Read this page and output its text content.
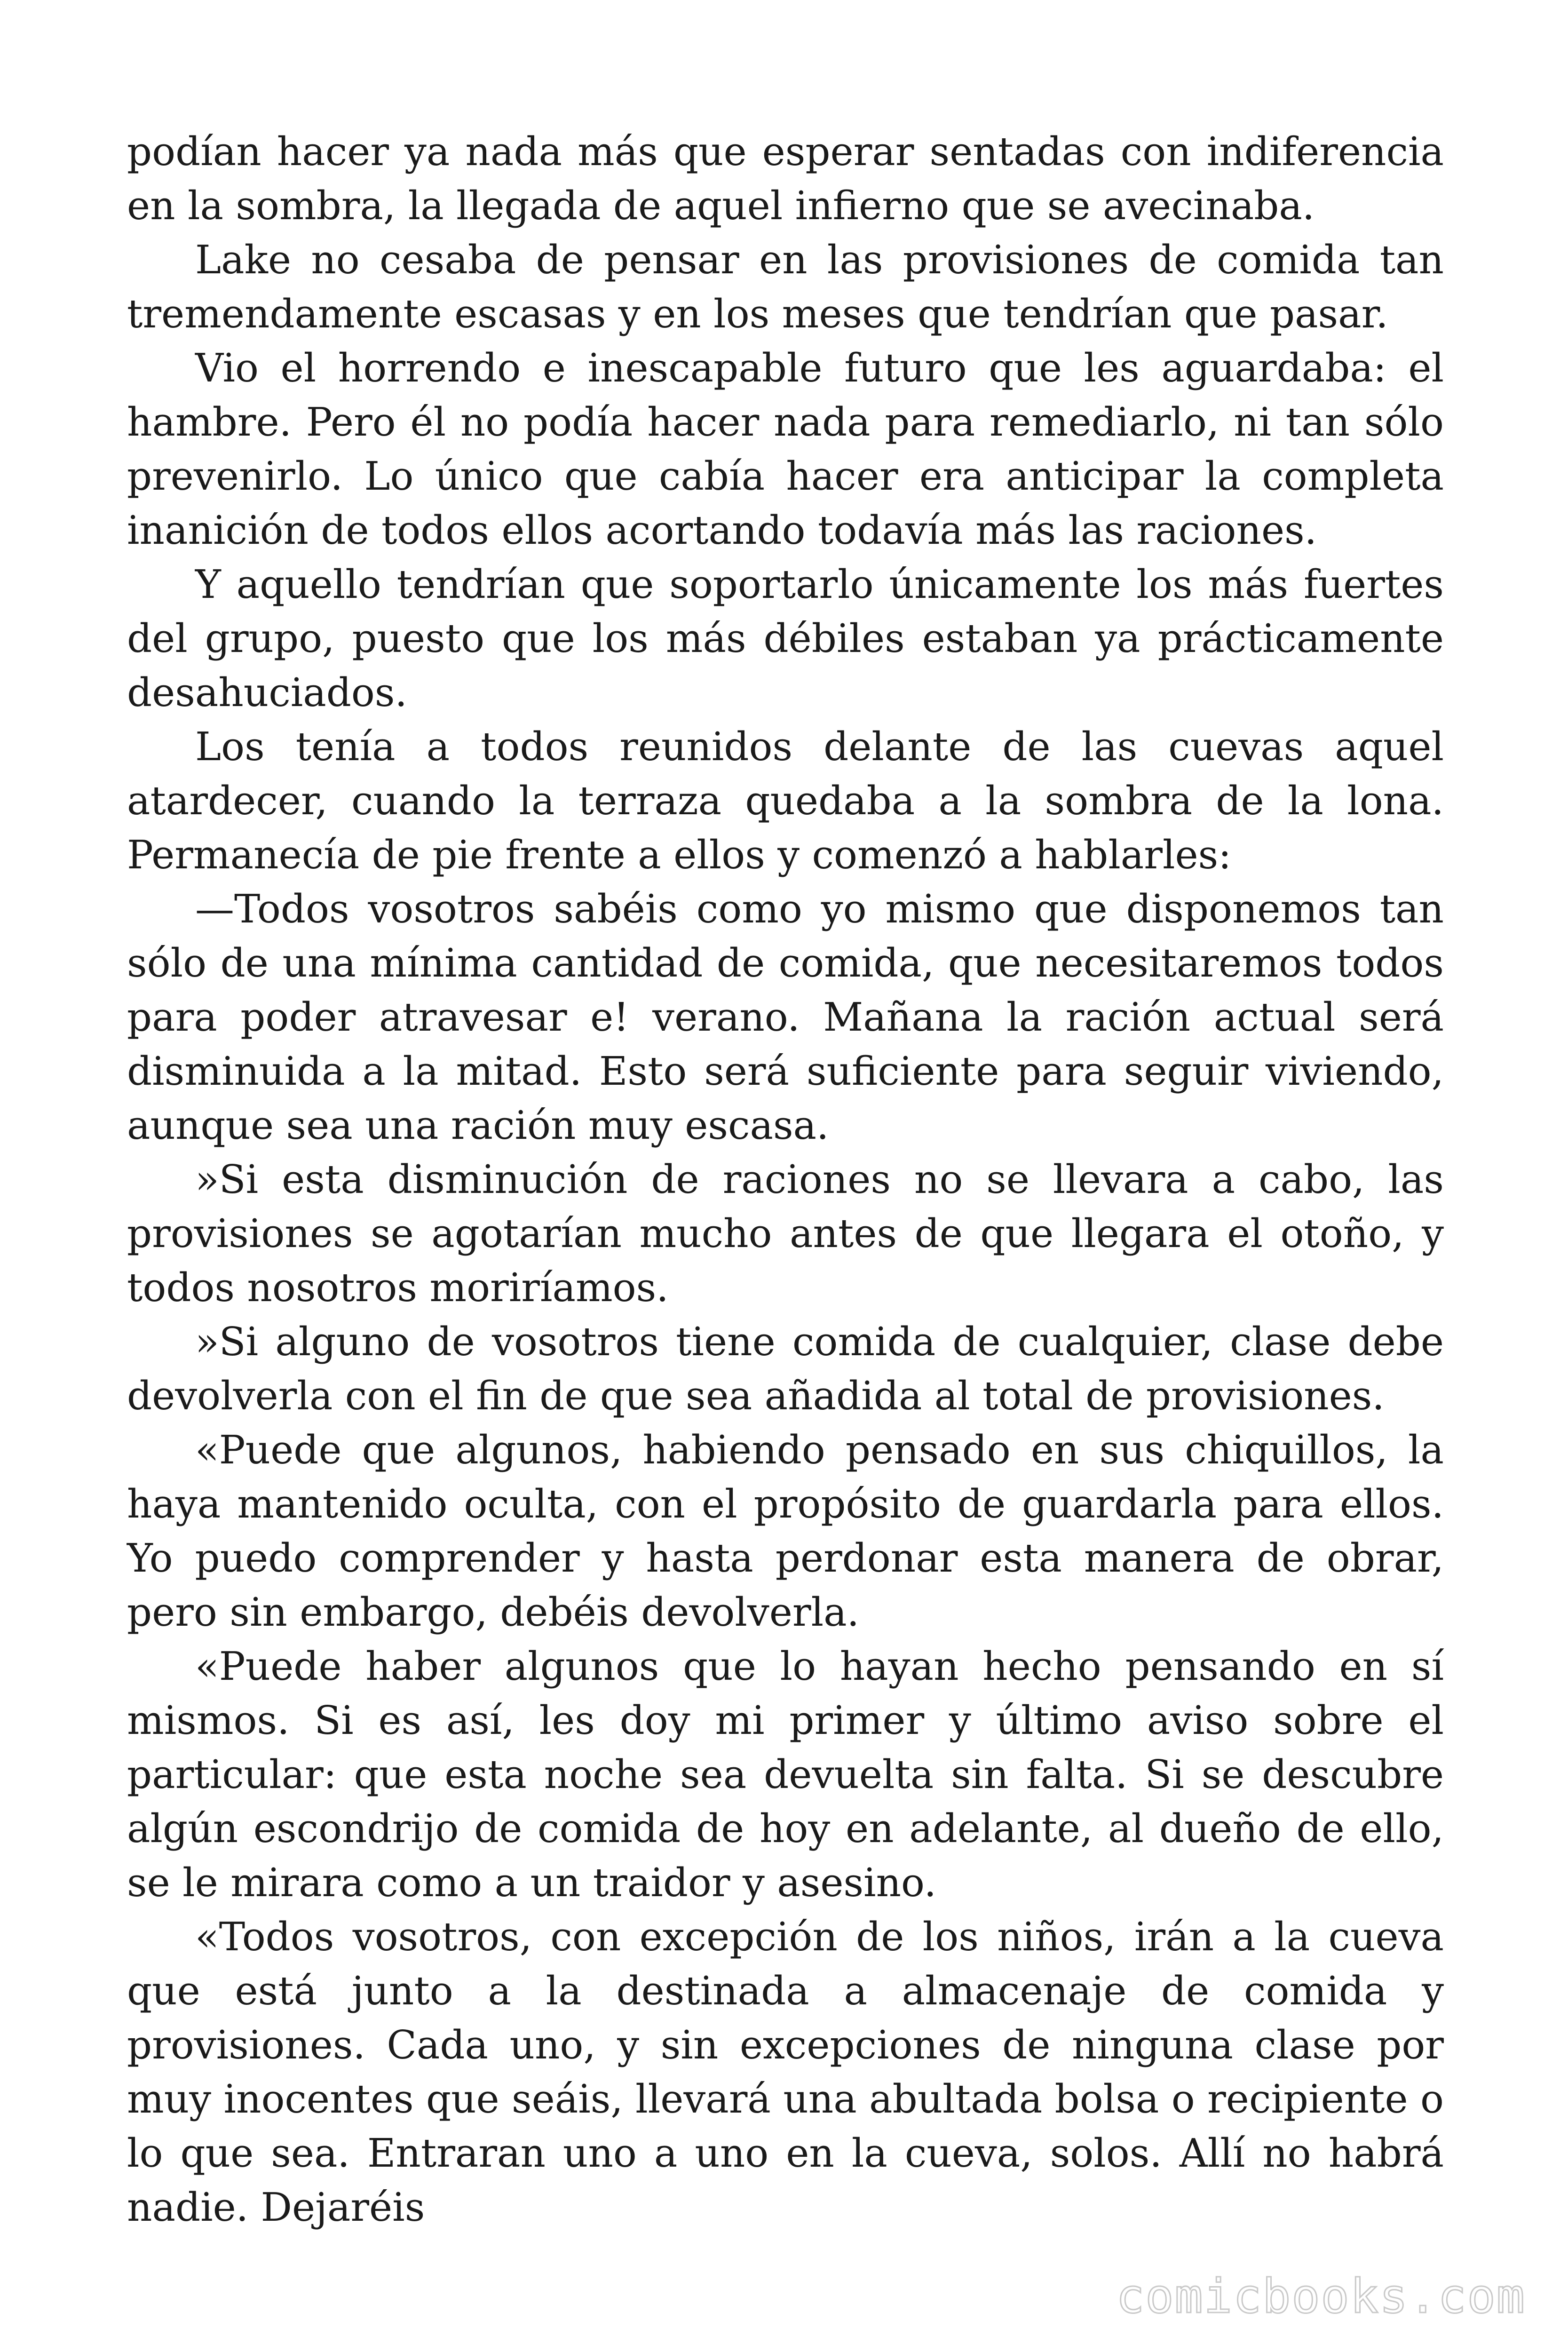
podían hacer ya nada más que esperar sentadas con indiferencia en la sombra, la llegada de aquel infierno que se avecinaba.

Lake no cesaba de pensar en las provisiones de comida tan tremendamente escasas y en los meses que tendrían que pasar.

Vio el horrendo e inescapable futuro que les aguardaba: el hambre. Pero él no podía hacer nada para remediarlo, ni tan sólo prevenirlo. Lo único que cabía hacer era anticipar la completa inanición de todos ellos acortando todavía más las raciones.

Y aquello tendrían que soportarlo únicamente los más fuertes del grupo, puesto que los más débiles estaban ya prácticamente desahuciados.

Los tenía a todos reunidos delante de las cuevas aquel atardecer, cuando la terraza quedaba a la sombra de la lona. Permanecía de pie frente a ellos y comenzó a hablarles:

—Todos vosotros sabéis como yo mismo que disponemos tan sólo de una mínima cantidad de comida, que necesitaremos todos para poder atravesar e! verano. Mañana la ración actual será disminuida a la mitad. Esto será suficiente para seguir viviendo, aunque sea una ración muy escasa.

»Si esta disminución de raciones no se llevara a cabo, las provisiones se agotarían mucho antes de que llegara el otoño, y todos nosotros moriríamos.

»Si alguno de vosotros tiene comida de cualquier, clase debe devolverla con el fin de que sea añadida al total de provisiones.

«Puede que algunos, habiendo pensado en sus chiquillos, la haya mantenido oculta, con el propósito de guardarla para ellos. Yo puedo comprender y hasta perdonar esta manera de obrar, pero sin embargo, debéis devolverla.

«Puede haber algunos que lo hayan hecho pensando en sí mismos. Si es así, les doy mi primer y último aviso sobre el particular: que esta noche sea devuelta sin falta. Si se descubre algún escondrijo de comida de hoy en adelante, al dueño de ello, se le mirara como a un traidor y asesino.

«Todos vosotros, con excepción de los niños, irán a la cueva que está junto a la destinada a almacenaje de comida y provisiones. Cada uno, y sin excepciones de ninguna clase por muy inocentes que seáis, llevará una abultada bolsa o recipiente o lo que sea. Entraran uno a uno en la cueva, solos. Allí no habrá nadie. Dejaréis

comicbooks.com
